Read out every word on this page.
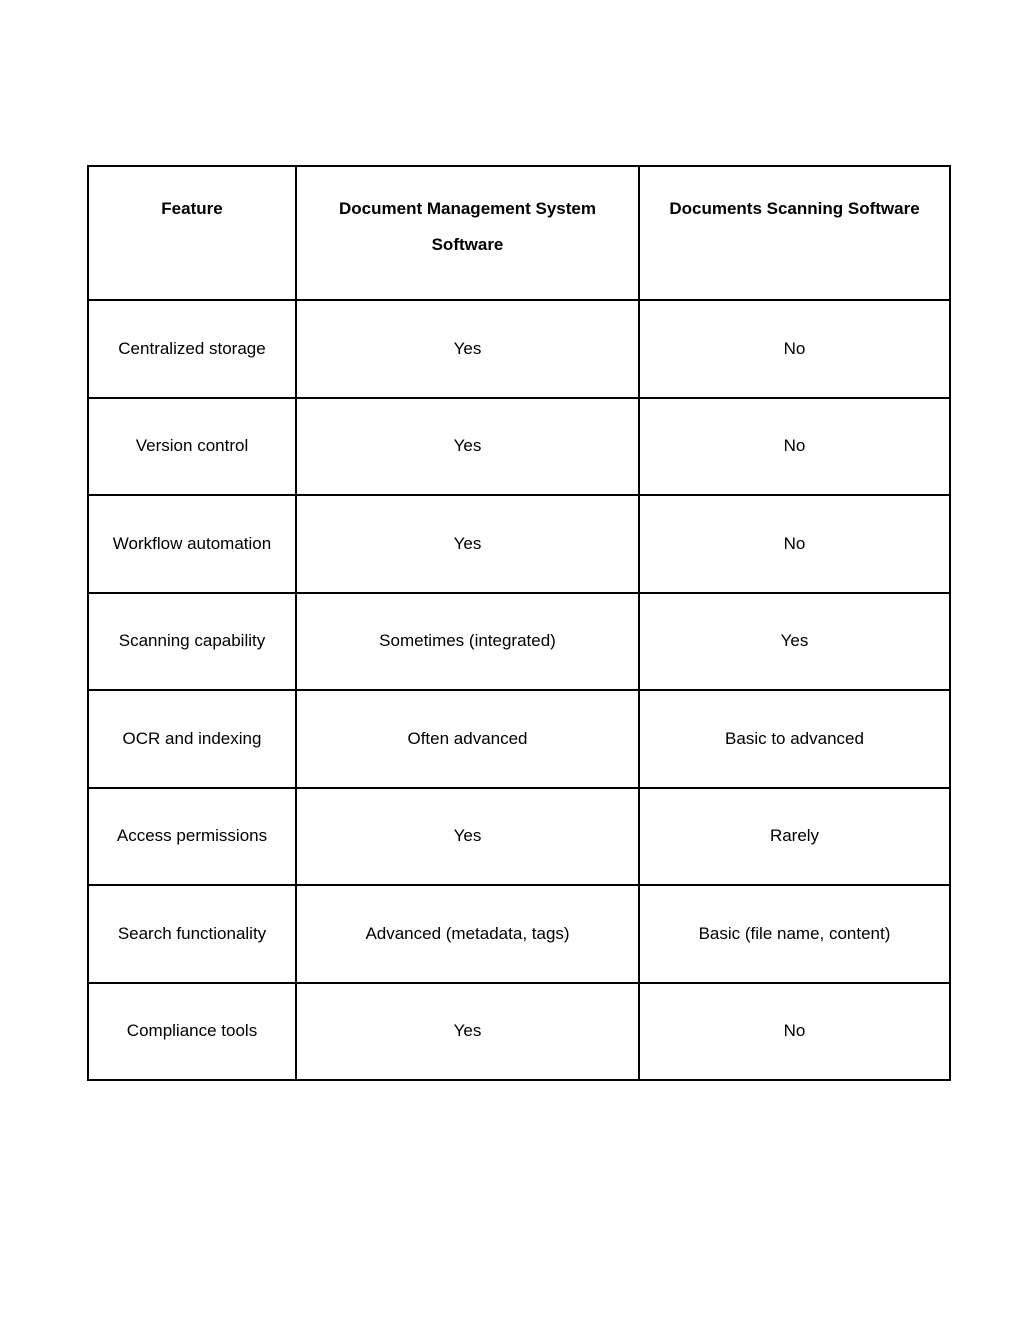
Feature	Document Management System Software	Documents Scanning Software
Centralized storage	Yes	No
Version control	Yes	No
Workflow automation	Yes	No
Scanning capability	Sometimes (integrated)	Yes
OCR and indexing	Often advanced	Basic to advanced
Access permissions	Yes	Rarely
Search functionality	Advanced (metadata, tags)	Basic (file name, content)
Compliance tools	Yes	No
